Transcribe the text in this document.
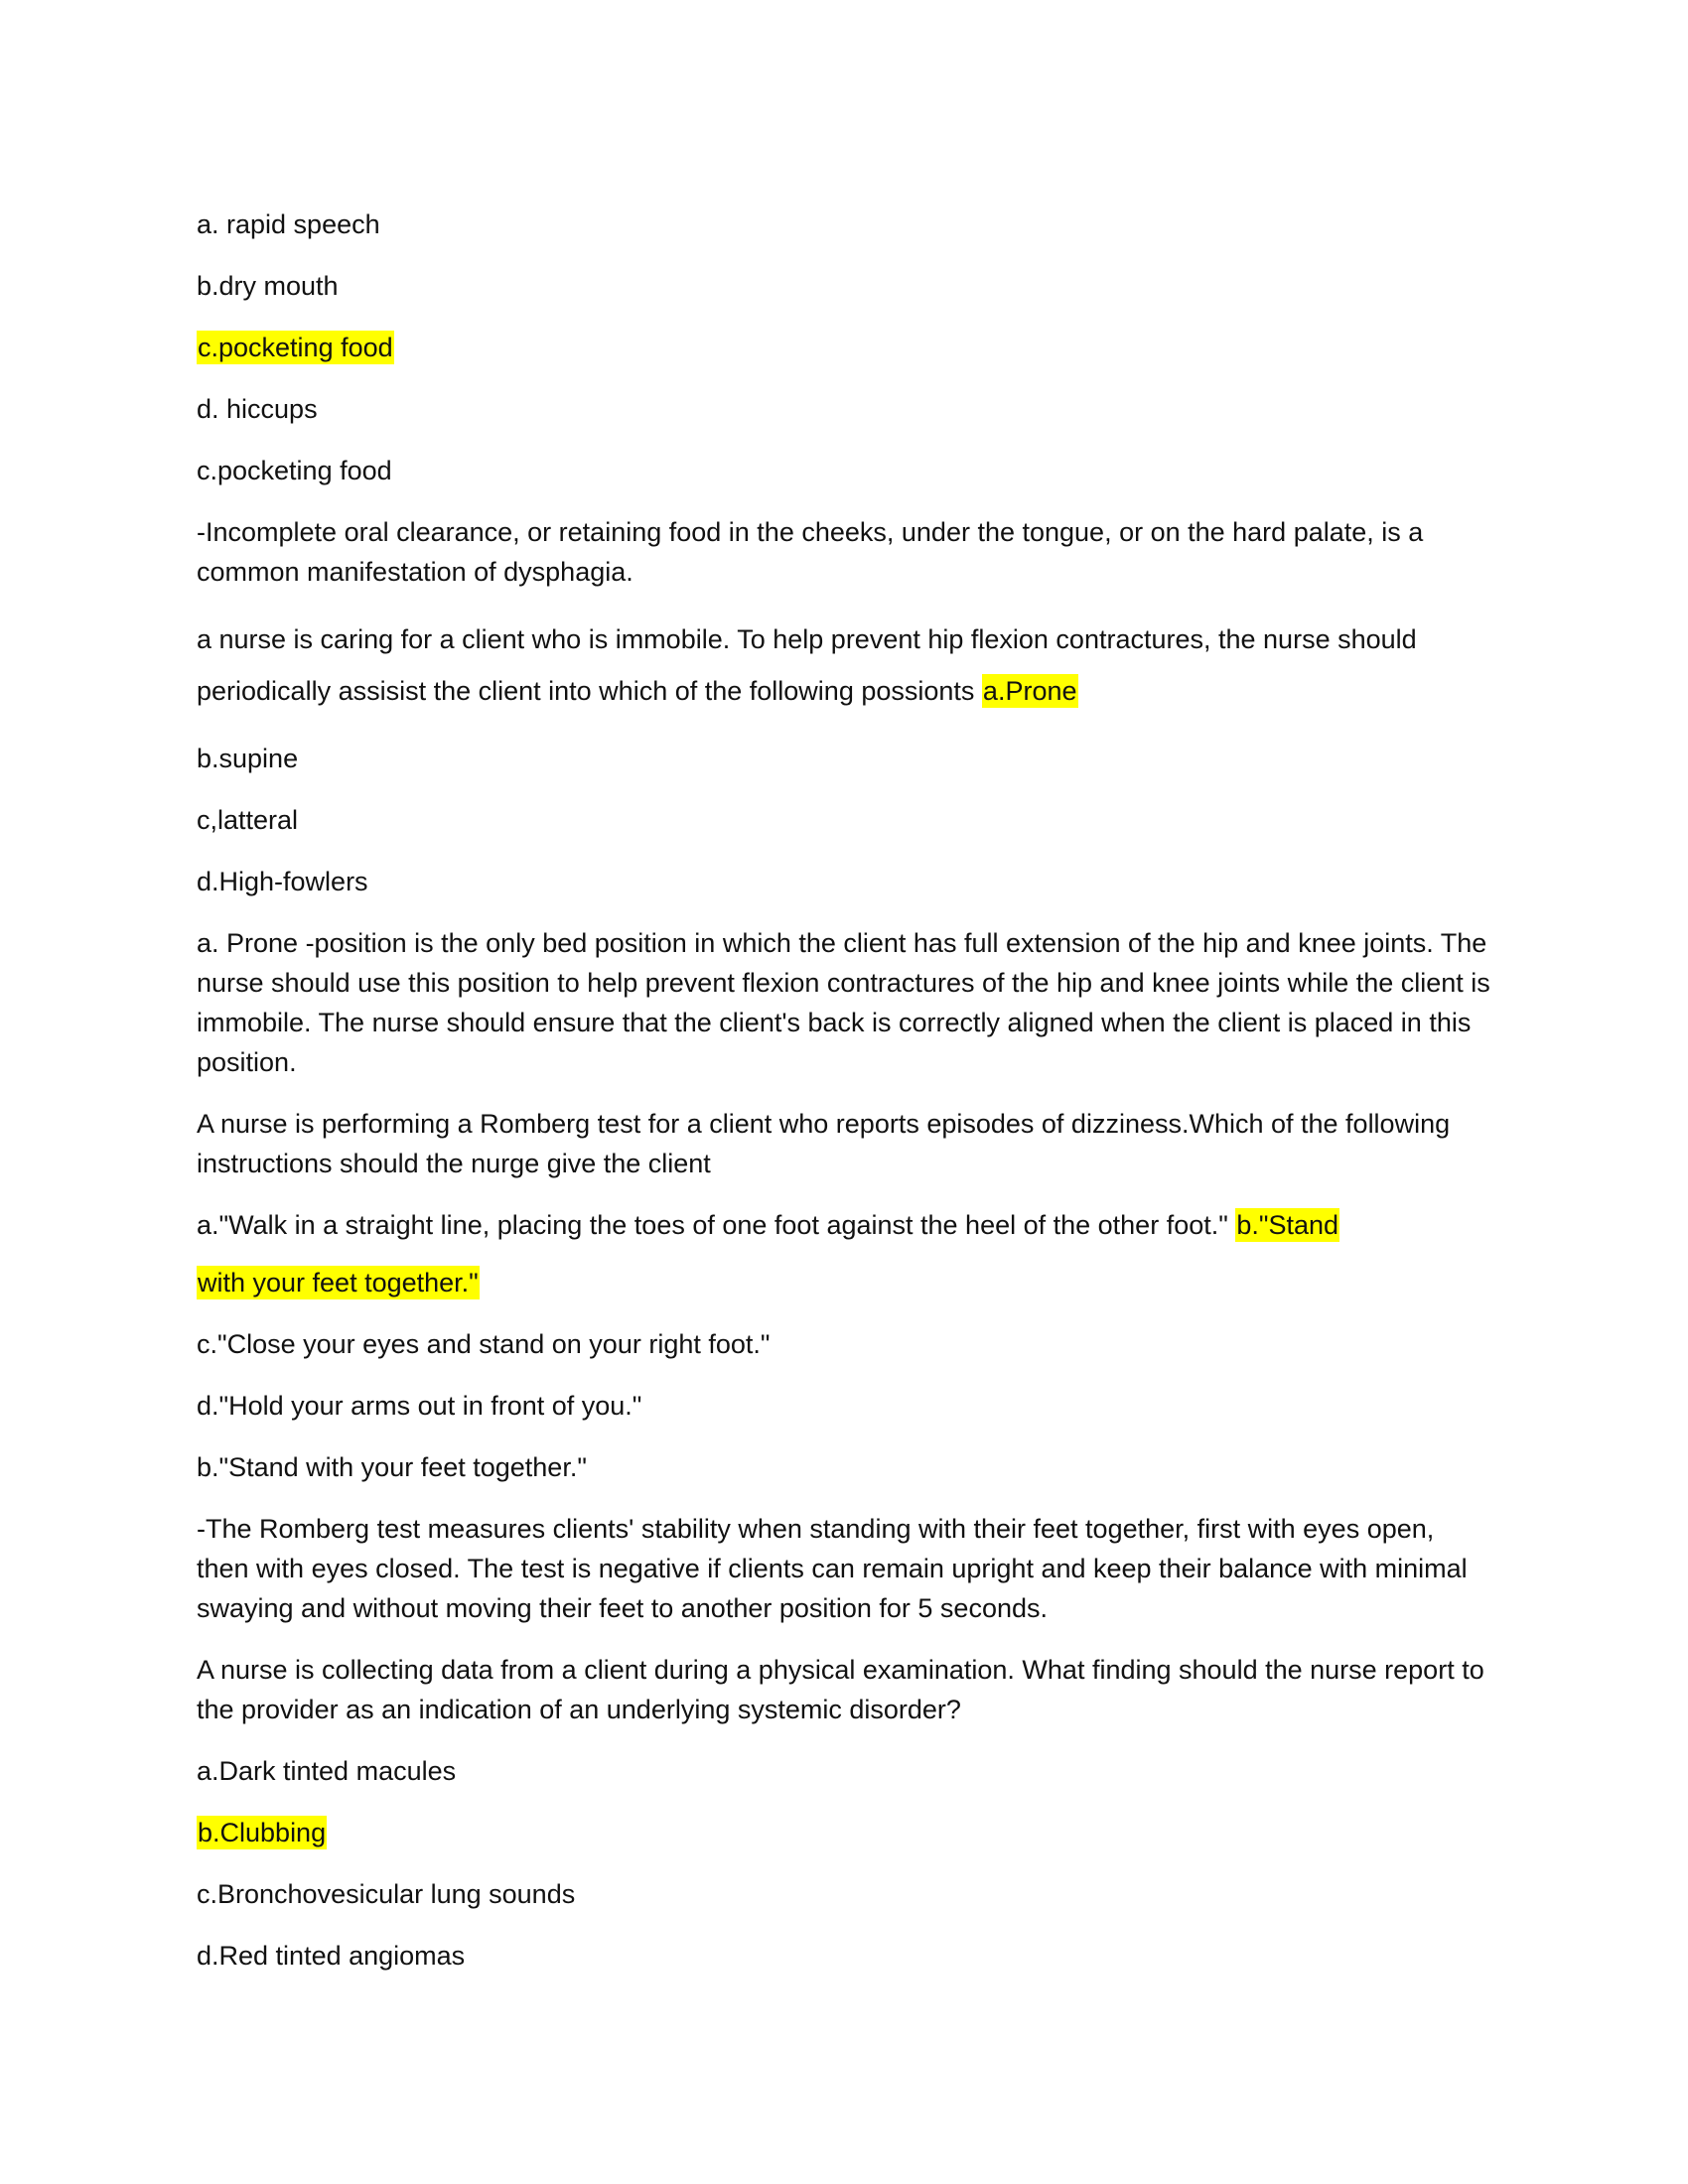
a. rapid speech

b.dry mouth

c.pocketing food

d. hiccups

c.pocketing food

-Incomplete oral clearance, or retaining food in the cheeks, under the tongue, or on the hard palate, is a common manifestation of dysphagia.

a nurse is caring for a client who is immobile. To help prevent hip flexion contractures, the nurse should periodically assisist the client into which of the following possionts a.Prone

b.supine

c,latteral

d.High-fowlers

a. Prone -position is the only bed position in which the client has full extension of the hip and knee joints. The nurse should use this position to help prevent flexion contractures of the hip and knee joints while the client is immobile. The nurse should ensure that the client's back is correctly aligned when the client is placed in this position.

A nurse is performing a Romberg test for a client who reports episodes of dizziness.Which of the following instructions should the nurge give the client

a."Walk in a straight line, placing the toes of one foot against the heel of the other foot." b."Stand

with your feet together."

c."Close your eyes and stand on your right foot."

d."Hold your arms out in front of you."

b."Stand with your feet together."

-The Romberg test measures clients' stability when standing with their feet together, first with eyes open, then with eyes closed. The test is negative if clients can remain upright and keep their balance with minimal swaying and without moving their feet to another position for 5 seconds.

A nurse is collecting data from a client during a physical examination. What finding should the nurse report to the provider as an indication of an underlying systemic disorder?

a.Dark tinted macules

b.Clubbing

c.Bronchovesicular lung sounds

d.Red tinted angiomas
